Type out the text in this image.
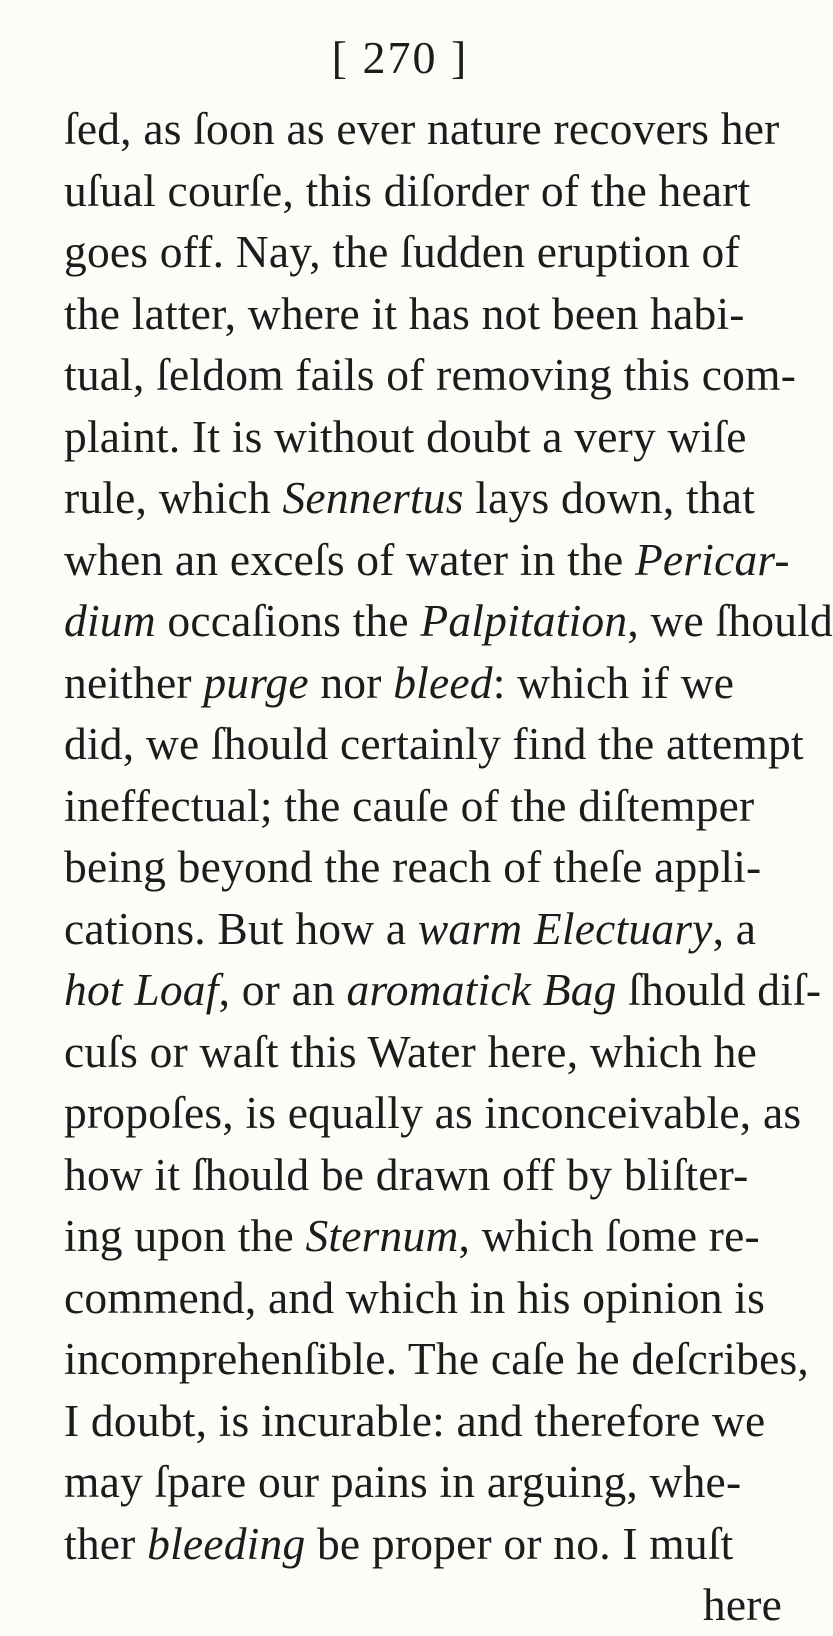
[ 270 ]
ſed, as ſoon as ever nature recovers her
uſual courſe, this diſorder of the heart
goes off. Nay, the ſudden eruption of
the latter, where it has not been habi-
tual, ſeldom fails of removing this com-
plaint. It is without doubt a very wiſe
rule, which Sennertus lays down, that
when an exceſs of water in the Pericar-
dium occaſions the Palpitation, we ſhould
neither purge nor bleed: which if we
did, we ſhould certainly find the attempt
ineffectual; the cauſe of the diſtemper
being beyond the reach of theſe appli-
cations. But how a warm Electuary, a
hot Loaf, or an aromatick Bag ſhould diſ-
cuſs or waſt this Water here, which he
propoſes, is equally as inconceivable, as
how it ſhould be drawn off by bliſter-
ing upon the Sternum, which ſome re-
commend, and which in his opinion is
incomprehenſible. The caſe he deſcribes,
I doubt, is incurable: and therefore we
may ſpare our pains in arguing, whe-
ther bleeding be proper or no. I muſt
here
